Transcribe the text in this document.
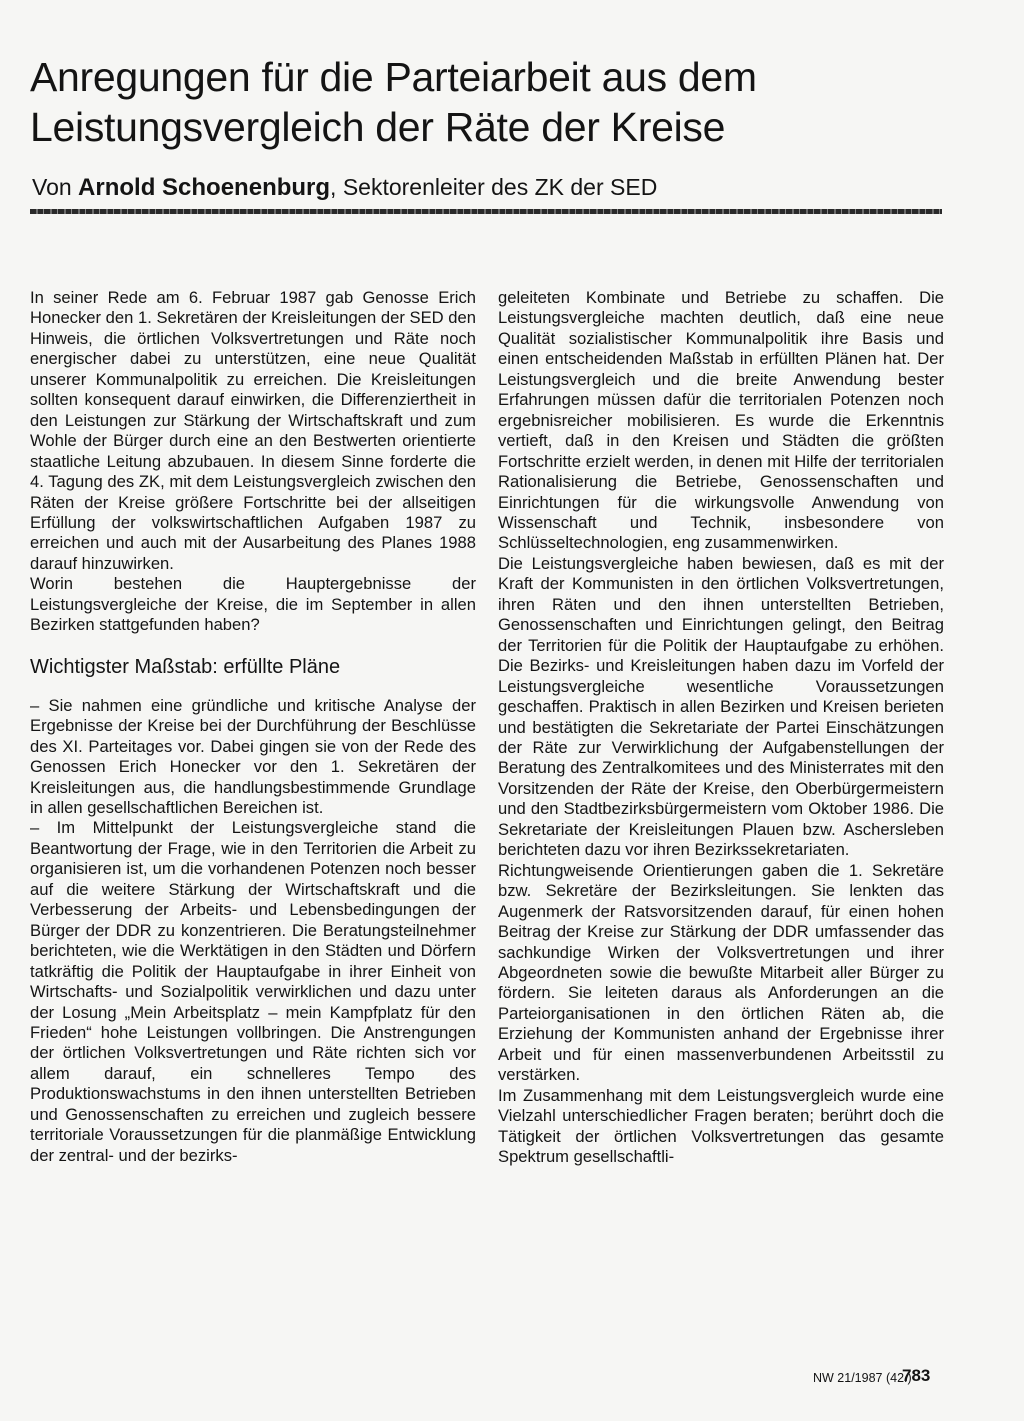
Anregungen für die Parteiarbeit aus dem
Leistungsvergleich der Räte der Kreise
Von Arnold Schoenenburg, Sektorenleiter des ZK der SED

In seiner Rede am 6. Februar 1987 gab Genosse Erich Honecker den 1. Sekretären der Kreisleitungen der SED den Hinweis, die örtlichen Volksvertretungen und Räte noch energischer dabei zu unterstützen, eine neue Qualität unserer Kommunalpolitik zu erreichen. Die Kreisleitungen sollten konsequent darauf einwirken, die Differenziertheit in den Leistungen zur Stärkung der Wirtschaftskraft und zum Wohle der Bürger durch eine an den Bestwerten orientierte staatliche Leitung abzubauen. In diesem Sinne forderte die 4. Tagung des ZK, mit dem Leistungsvergleich zwischen den Räten der Kreise größere Fortschritte bei der allseitigen Erfüllung der volkswirtschaftlichen Aufgaben 1987 zu erreichen und auch mit der Ausarbeitung des Planes 1988 darauf hinzuwirken.

Worin bestehen die Hauptergebnisse der Leistungsvergleiche der Kreise, die im September in allen Bezirken stattgefunden haben?

Wichtigster Maßstab: erfüllte Pläne

– Sie nahmen eine gründliche und kritische Analyse der Ergebnisse der Kreise bei der Durchführung der Beschlüsse des XI. Parteitages vor. Dabei gingen sie von der Rede des Genossen Erich Honecker vor den 1. Sekretären der Kreisleitungen aus, die handlungsbestimmende Grundlage in allen gesellschaftlichen Bereichen ist.

– Im Mittelpunkt der Leistungsvergleiche stand die Beantwortung der Frage, wie in den Territorien die Arbeit zu organisieren ist, um die vorhandenen Potenzen noch besser auf die weitere Stärkung der Wirtschaftskraft und die Verbesserung der Arbeits- und Lebensbedingungen der Bürger der DDR zu konzentrieren. Die Beratungsteilnehmer berichteten, wie die Werktätigen in den Städten und Dörfern tatkräftig die Politik der Hauptaufgabe in ihrer Einheit von Wirtschafts- und Sozialpolitik verwirklichen und dazu unter der Losung „Mein Arbeitsplatz – mein Kampfplatz für den Frieden“ hohe Leistungen vollbringen. Die Anstrengungen der örtlichen Volksvertretungen und Räte richten sich vor allem darauf, ein schnelleres Tempo des Produktionswachstums in den ihnen unterstellten Betrieben und Genossenschaften zu erreichen und zugleich bessere territoriale Voraussetzungen für die planmäßige Entwicklung der zentral- und der bezirks-

geleiteten Kombinate und Betriebe zu schaffen. Die Leistungsvergleiche machten deutlich, daß eine neue Qualität sozialistischer Kommunalpolitik ihre Basis und einen entscheidenden Maßstab in erfüllten Plänen hat. Der Leistungsvergleich und die breite Anwendung bester Erfahrungen müssen dafür die territorialen Potenzen noch ergebnisreicher mobilisieren. Es wurde die Erkenntnis vertieft, daß in den Kreisen und Städten die größten Fortschritte erzielt werden, in denen mit Hilfe der territorialen Rationalisierung die Betriebe, Genossenschaften und Einrichtungen für die wirkungsvolle Anwendung von Wissenschaft und Technik, insbesondere von Schlüsseltechnologien, eng zusammenwirken.

Die Leistungsvergleiche haben bewiesen, daß es mit der Kraft der Kommunisten in den örtlichen Volksvertretungen, ihren Räten und den ihnen unterstellten Betrieben, Genossenschaften und Einrichtungen gelingt, den Beitrag der Territorien für die Politik der Hauptaufgabe zu erhöhen. Die Bezirks- und Kreisleitungen haben dazu im Vorfeld der Leistungsvergleiche wesentliche Voraussetzungen geschaffen. Praktisch in allen Bezirken und Kreisen berieten und bestätigten die Sekretariate der Partei Einschätzungen der Räte zur Verwirklichung der Aufgabenstellungen der Beratung des Zentralkomitees und des Ministerrates mit den Vorsitzenden der Räte der Kreise, den Oberbürgermeistern und den Stadtbezirksbürgermeistern vom Oktober 1986. Die Sekretariate der Kreisleitungen Plauen bzw. Aschersleben berichteten dazu vor ihren Bezirkssekretariaten.

Richtungweisende Orientierungen gaben die 1. Sekretäre bzw. Sekretäre der Bezirksleitungen. Sie lenkten das Augenmerk der Ratsvorsitzenden darauf, für einen hohen Beitrag der Kreise zur Stärkung der DDR umfassender das sachkundige Wirken der Volksvertretungen und ihrer Abgeordneten sowie die bewußte Mitarbeit aller Bürger zu fördern. Sie leiteten daraus als Anforderungen an die Parteiorganisationen in den örtlichen Räten ab, die Erziehung der Kommunisten anhand der Ergebnisse ihrer Arbeit und für einen massenverbundenen Arbeitsstil zu verstärken.

Im Zusammenhang mit dem Leistungsvergleich wurde eine Vielzahl unterschiedlicher Fragen beraten; berührt doch die Tätigkeit der örtlichen Volksvertretungen das gesamte Spektrum gesellschaftli-

NW 21/1987 (42.)
783
